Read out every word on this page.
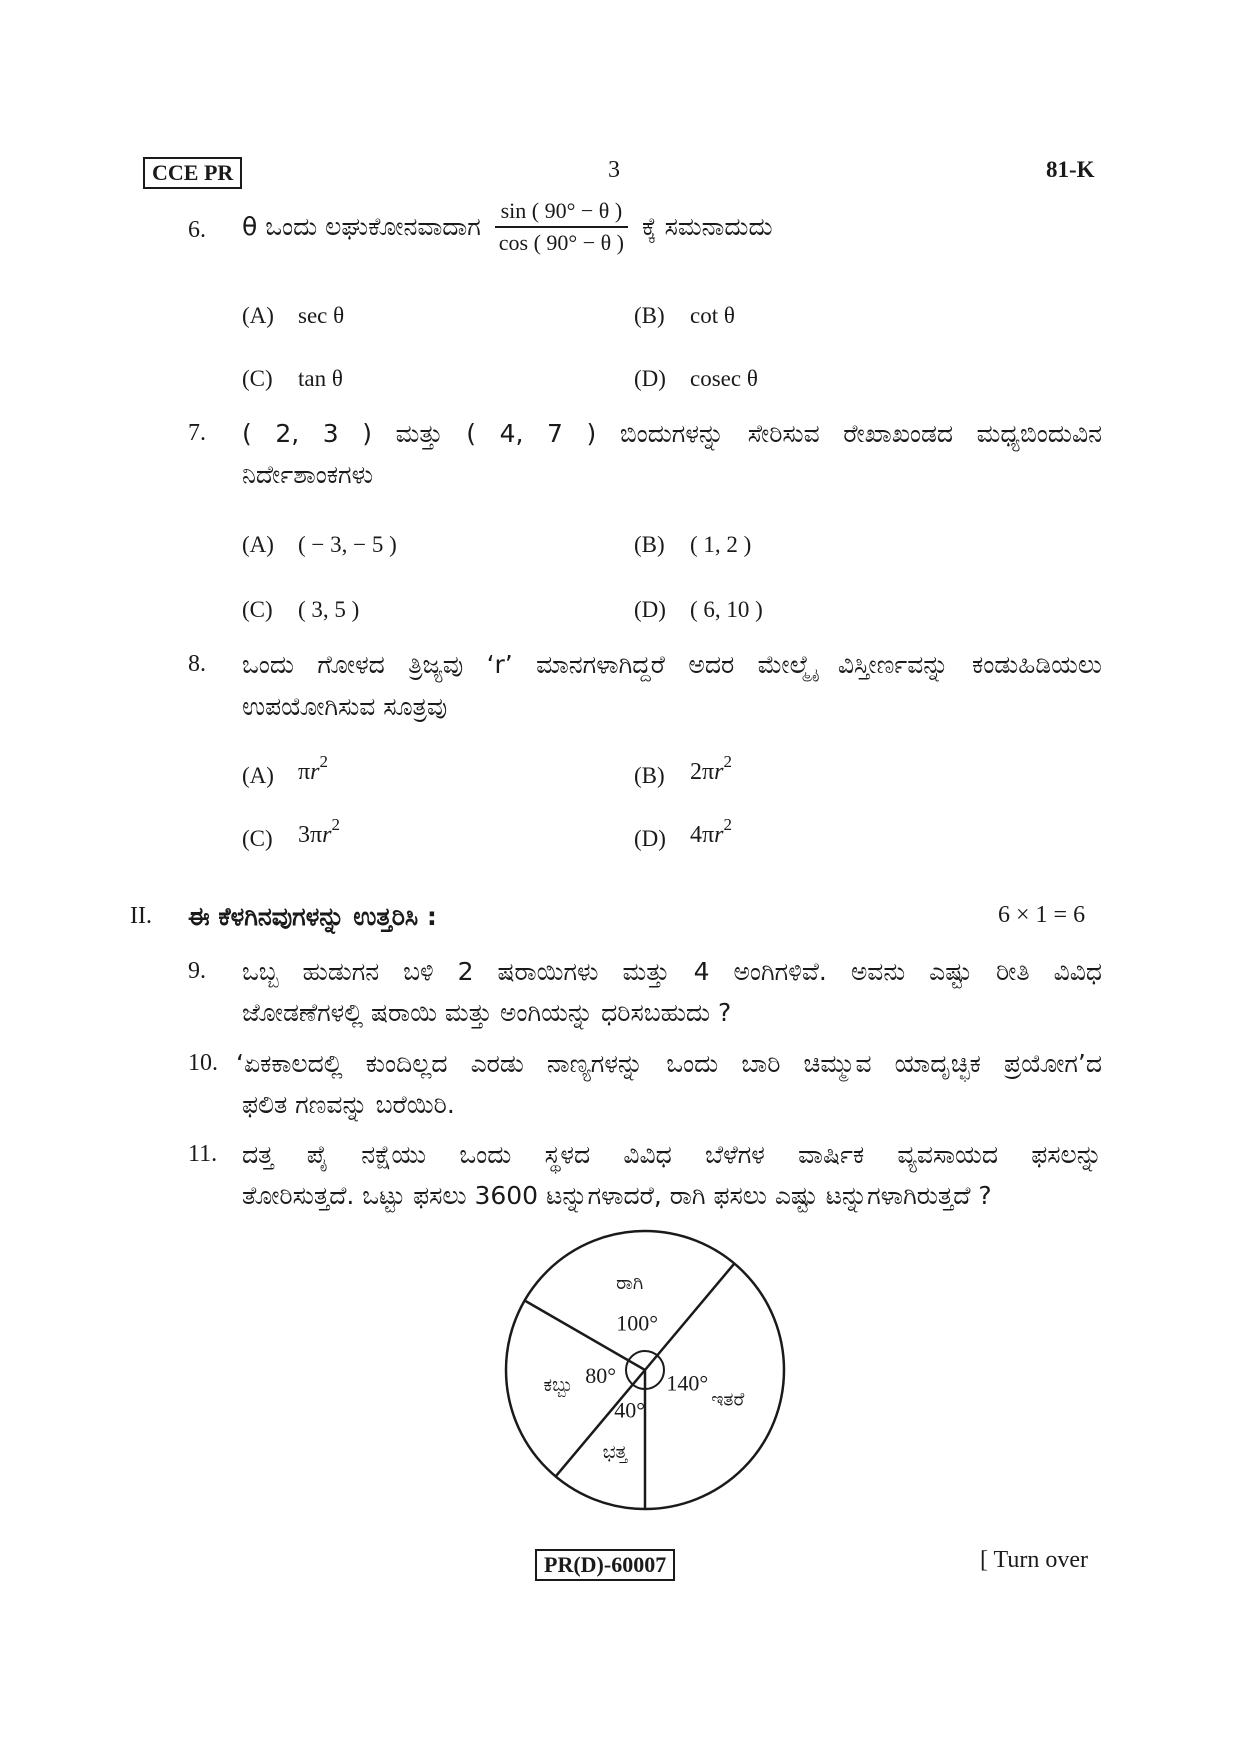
CCE PR	3	81-K
6. θ ಒಂದು ಲಘುಕೋನವಾದಾಗ $\frac{\sin ( 90^\circ - \theta )}{\cos ( 90^\circ - \theta )}$ ಕ್ಕೆ ಸಮನಾದುದು
(A) sec θ	(B) cot θ
(C) tan θ	(D) cosec θ
7. ( 2, 3 ) ಮತ್ತು ( 4, 7 ) ಬಿಂದುಗಳನ್ನು ಸೇರಿಸುವ ರೇಖಾಖಂಡದ ಮಧ್ಯಬಿಂದುವಿನ
ನಿರ್ದೇಶಾಂಕಗಳು
(A) ( − 3, − 5 )	(B) ( 1, 2 )
(C) ( 3, 5 )	(D) ( 6, 10 )
8. ಒಂದು ಗೋಳದ ತ್ರಿಜ್ಯವು ‘r’ ಮಾನಗಳಾಗಿದ್ದರೆ ಅದರ ಮೇಲ್ಮೈ ವಿಸ್ತೀರ್ಣವನ್ನು ಕಂಡುಹಿಡಿಯಲು
ಉಪಯೋಗಿಸುವ ಸೂತ್ರವು
(A) $\pi r^2$
(B) $2\pi r^2$
(C) $3\pi r^2$
(D) $4\pi r^2$
II. ಈ ಕೆಳಗಿನವುಗಳನ್ನು ಉತ್ತರಿಸಿ :	6 × 1 = 6
9. ಒಬ್ಬ ಹುಡುಗನ ಬಳಿ 2 ಷರಾಯಿಗಳು ಮತ್ತು 4 ಅಂಗಿಗಳಿವೆ. ಅವನು ಎಷ್ಟು ರೀತಿ ವಿವಿಧ
ಜೋಡಣೆಗಳಲ್ಲಿ ಷರಾಯಿ ಮತ್ತು ಅಂಗಿಯನ್ನು ಧರಿಸಬಹುದು ?
10. ‘ಏಕಕಾಲದಲ್ಲಿ ಕುಂದಿಲ್ಲದ ಎರಡು ನಾಣ್ಯಗಳನ್ನು ಒಂದು ಬಾರಿ ಚಿಮ್ಮುವ ಯಾದೃಚ್ಛಿಕ ಪ್ರಯೋಗ’ದ
ಫಲಿತ ಗಣವನ್ನು ಬರೆಯಿರಿ.
11. ದತ್ತ ಪೈ ನಕ್ಷೆಯು ಒಂದು ಸ್ಥಳದ ವಿವಿಧ ಬೆಳೆಗಳ ವಾರ್ಷಿಕ ವ್ಯವಸಾಯದ ಫಸಲನ್ನು
ತೋರಿಸುತ್ತದೆ. ಒಟ್ಟು ಫಸಲು 3600 ಟನ್ನುಗಳಾದರೆ, ರಾಗಿ ಫಸಲು ಎಷ್ಟು ಟನ್ನುಗಳಾಗಿರುತ್ತದೆ ?
ರಾಗಿ
ಇತರೆ
ಭತ್ತ
ಕಬ್ಬು
100°
140°
40°
80°
PR(D)-60007	[ Turn over
